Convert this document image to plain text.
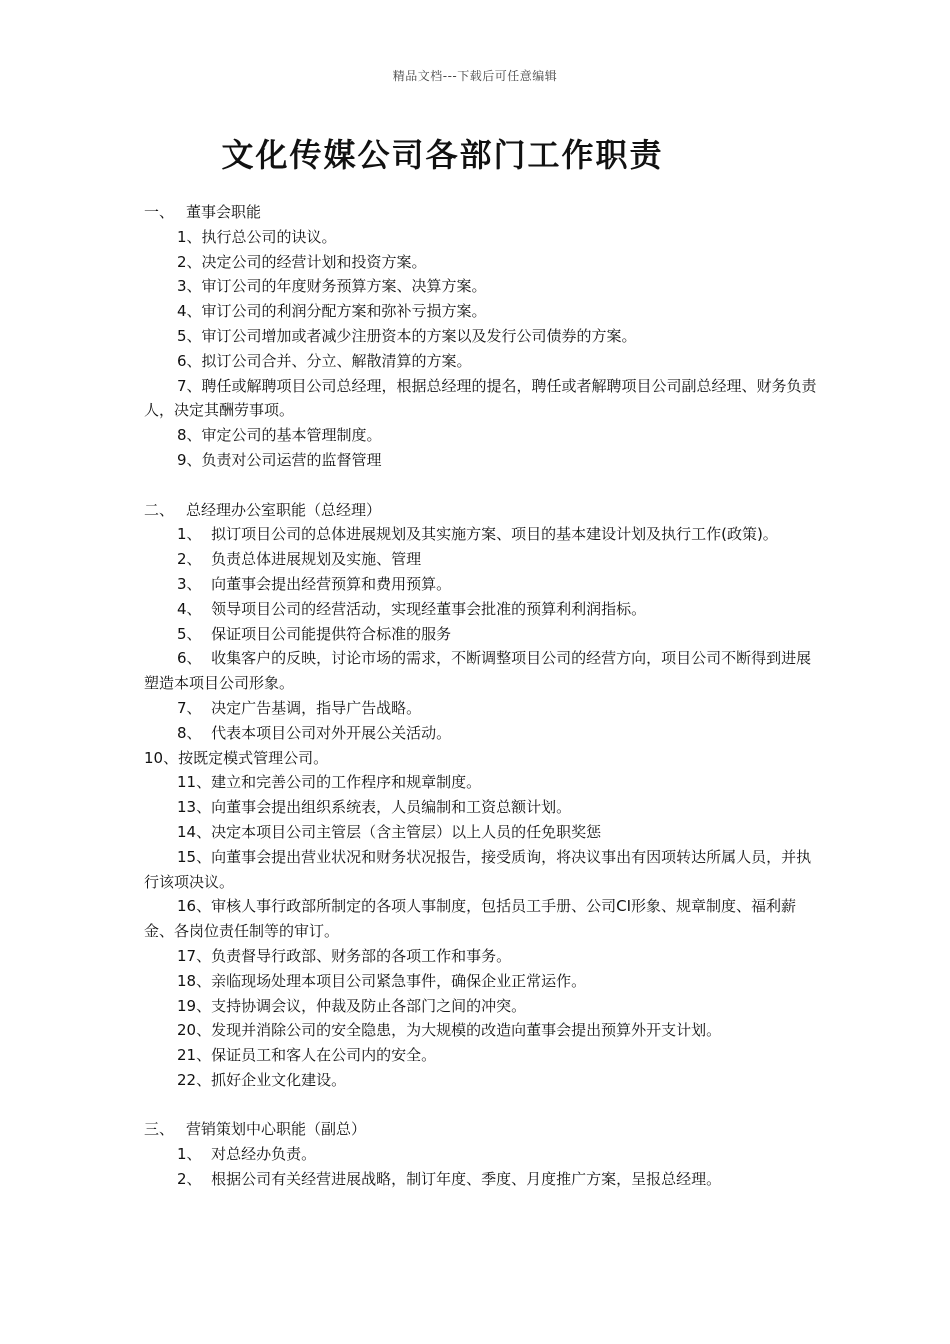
精品文档---下载后可任意编辑
文化传媒公司各部门工作职责
一、 董事会职能
1、执行总公司的诀议。
2、决定公司的经营计划和投资方案。
3、审订公司的年度财务预算方案、决算方案。
4、审订公司的利润分配方案和弥补亏损方案。
5、审订公司增加或者减少注册资本的方案以及发行公司债券的方案。
6、拟订公司合并、分立、解散清算的方案。
7、聘任或解聘项目公司总经理，根据总经理的提名，聘任或者解聘项目公司副总经理、财务负责人，决定其酬劳事项。
8、审定公司的基本管理制度。
9、负责对公司运营的监督管理
二、 总经理办公室职能（总经理）
1、  拟订项目公司的总体进展规划及其实施方案、项目的基本建设计划及执行工作(政策)。
2、  负责总体进展规划及实施、管理
3、  向董事会提出经营预算和费用预算。
4、  领导项目公司的经营活动，实现经董事会批准的预算利利润指标。
5、  保证项目公司能提供符合标准的服务
6、  收集客户的反映，讨论市场的需求，不断调整项目公司的经营方向，项目公司不断得到进展塑造本项目公司形象。
7、  决定广告基调，指导广告战略。
8、  代表本项目公司对外开展公关活动。
10、按既定模式管理公司。
11、建立和完善公司的工作程序和规章制度。
13、向董事会提出组织系统表，人员编制和工资总额计划。
14、决定本项目公司主管层（含主管层）以上人员的任免职奖惩
15、向董事会提出营业状况和财务状况报告，接受质询，将决议事出有因项转达所属人员，并执行该项决议。
16、审核人事行政部所制定的各项人事制度，包括员工手册、公司CI形象、规章制度、福利薪金、各岗位责任制等的审订。
17、负责督导行政部、财务部的各项工作和事务。
18、亲临现场处理本项目公司紧急事件，确保企业正常运作。
19、支持协调会议，仲裁及防止各部门之间的冲突。
20、发现并消除公司的安全隐患，为大规模的改造向董事会提出预算外开支计划。
21、保证员工和客人在公司内的安全。
22、抓好企业文化建设。
三、 营销策划中心职能（副总）
1、  对总经办负责。
2、  根据公司有关经营进展战略，制订年度、季度、月度推广方案，呈报总经理。
